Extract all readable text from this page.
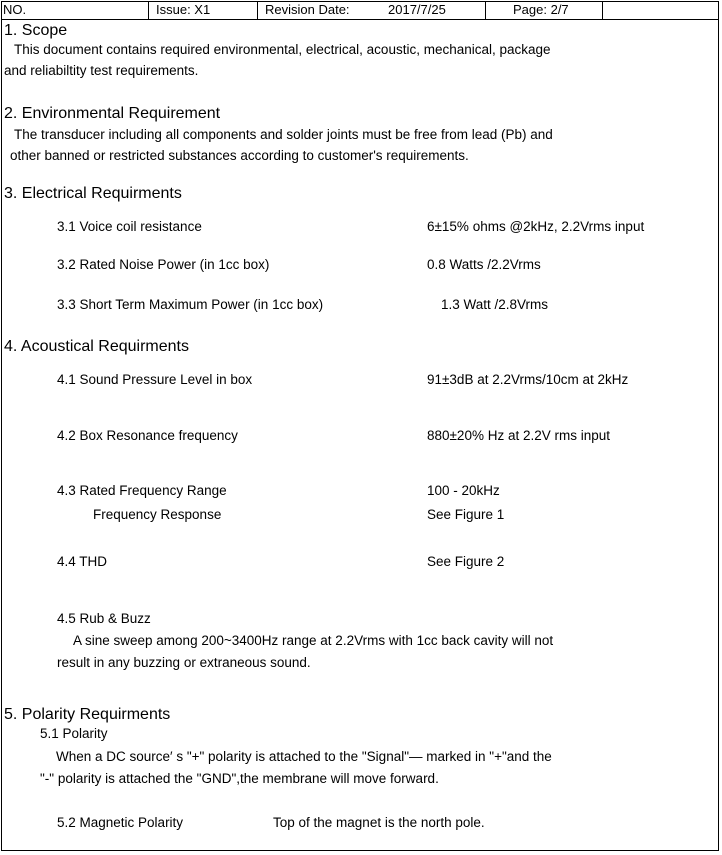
NO.	Issue: X1	Revision Date:	2017/7/25	Page: 2/7
1. Scope
This document contains required environmental, electrical, acoustic, mechanical, package
and reliabiltity test requirements.
2. Environmental Requirement
The transducer including all components and solder joints must be free from lead (Pb) and
other banned or restricted substances according to customer's requirements.
3. Electrical Requirments
3.1 Voice coil resistance	6±15% ohms @2kHz, 2.2Vrms input
3.2 Rated Noise Power (in 1cc box)	0.8 Watts /2.2Vrms
3.3 Short Term Maximum Power (in 1cc box)	1.3 Watt /2.8Vrms
4. Acoustical Requirments
4.1 Sound Pressure Level in box	91±3dB at 2.2Vrms/10cm at 2kHz
4.2 Box Resonance frequency	880±20% Hz at 2.2V rms input
4.3 Rated Frequency Range	100 - 20kHz
Frequency Response	See Figure 1
4.4 THD	See Figure 2
4.5 Rub & Buzz
A sine sweep among 200~3400Hz range at 2.2Vrms with 1cc back cavity will not
result in any buzzing or extraneous sound.
5. Polarity Requirments
5.1 Polarity
When a DC source′ s "+" polarity is attached to the "Signal"— marked in "+"and the
"-" polarity is attached the "GND",the membrane will move forward.
5.2 Magnetic Polarity	Top of the magnet is the north pole.
